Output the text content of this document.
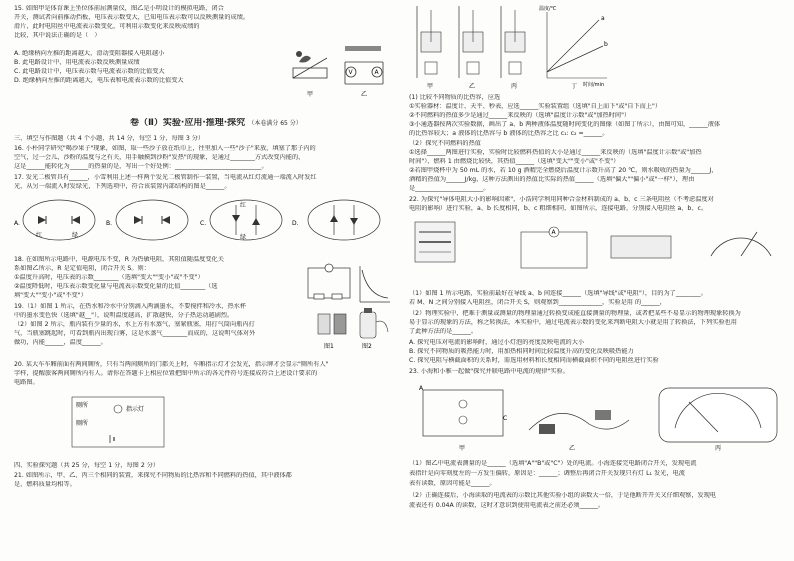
15. 如图甲是体育课上坐位体前屈测量仪，图乙是小明设计的模拟电路，闭合
开关，测试者向前推动挡板，电压表示数变大，已知电压表示数可以反映测量的成绩。
滑片，此时电阻丝中电流表示数变化，可利用示数变化来反映成绩的
比较，其中说法正确的是（　）
A. 绝缘柄向左推的距离越大，滑动变阻器接入电阻越小
B. 此电路设计中，用电流表示数反映测量成绩
C. 此电路设计中，电压表示数与电流表示数的比值变大
D. 绝缘柄向左推的距离越大，电压表和电流表示数的比值变大
V	A
甲	乙
卷（Ⅱ）实验·应用·推理·探究 （本卷满分 65 分）
三、填空与作图题（共 4 个小题，共 14 分，每空 1 分，每图 3 分）
16. 小朴同学研究"喝沙果子"现象，如图，取一些沙子放在纸巾上，往里加入一些"沙子"来放，填塞了那子内的
空气，过一会儿，沙粉的温度与之有关，用手触摸到沙粉"发热"的现象，是通过________方式改变内能的，
这是______能转化为______的热量的是，写出一个好处例：____________________________。
17. 发光二极管具有______，小雪利用上述一样两个发光二极管制作一装置，当电流从红灯流通一端流入时发红
光，从另一端流入时发绿光，下列选项中，符合该装置内部结构的图是______。
A.
红	绿
B.	C.
红
绿
D.
18. 在如图所示电路中，电源电压不变，R 为热敏电阻，其阻值随温度变化关
系如图乙所示，R 是定值电阻，闭合开关 S。则：
①温度升高时，电压表的示数________（选填"变大""变小"或"不变"）
②温度降低时，电压表示数变化量与电流表示数变化量的比值________（选
填"变大""变小"或"不变"）
19.（1）如图 1 所示，在热水和冷水中分别滴入两滴墨水，不要搅拌和冷水，热水杯
中的墨水变色快（选填"越__"），说明温度越高，扩散越快，分子热运动越剧烈。
（2）如图 2 所示，瓶内装有少量的水，水上方有水蒸气，塞紧瓶塞，用打气筒向瓶内打
气，当瓶塞跳起时，可看到瓶内出现白雾，这是水蒸气________而成的，这说明气体对外
做功，内能______，温度______。
图1	图2
20. 某大车车厢前面有两间厕所，只有当两间厕所的门都关上时，车厢指示灯才会发光，指示牌才会显示"厕所有人"
字样，提醒旅客两间厕所内有人。请你在答题卡上相应位置把图中所示的各元件符号连接成符合上述设计要求的
电路图。
厕所
指示灯
厕所
四、实验探究题（共 25 分，每空 1 分，每图 2 分）
21. 如图所示，甲、乙、丙三个相同的装置，来探究不同物质的比热容和不同燃料的热值，其中液体都
是、燃料质量均相等。
甲	乙	丙
a
b
温度/℃
时间/min
丁
(1) 比较不同物质的比热容，应选
①实验器材：温度计、天平、秒表，应选______实验装置组（选填"自上而下"或"自下而上"）
②不同燃料的热值多少是通过______来反映的（选填"温度计示数"或"加热时间"）
③小通透器按两次实验数据，画出了 a、b 两种液体温度随时间变化的图像（如图丁所示），由图可知，______液体
的比热容较大；a 液体的比热容与 b 液体的比热容之比 c₁: c₂ =______。
（2）探究不同燃料的热值
①选择______两图进行实验，实验时比较燃料热值的大小是通过______来反映的（选填"温度计示数"或"加热
时间"），燃料 1 由燃烧比较快，其热值______（选填"变大""变小"或"不变"）
②若图甲烧杯中为 50 mL 的水，若 10 g 酒精完全燃烧后温度计示数升高了 20 ℃，则水吸收的热量为______J，
酒精的热值为______J/kg，这种方法测出的热值比实际的热值______（选填"偏大""偏小"或"一样"），理由
是______________________。
22. 为探究"导体电阻大小的影响因素"，小浩同学利用同种合金材料制成的 a、b、c 三条电阻丝（不考虑温度对
电阻的影响）进行实验，a、b 长度相同，b、c 粗细相同，如图所示，连接电路，分别接入电阻丝 a、b、c。
A
（1）如图 1 所示电路，实验前最好在导线 a、b 间连接______（选填"导线"或"电阻"），目的为了________。
若 M、N 之间分别接入电阻丝，闭合开关 S，则观察到______________，实验是用 的______，
（2）物理实验中，把难于测量或测量的物理量通过转换变成能直接测量的物理量，或者把某些不易显示的物理现象转换为
易于显示的现象的方法，称之转换法，本实验中，通过电流表示数的变化来判断电阻大小就是用了转换法，下列实验也用
了此种方法的是______。
A. 探究电压对电流的影响时，通过小灯泡的亮度反映电流的大小
B. 探究不同物质的吸热能力时，用加热相同时间比较温度升高的变化反映吸热能力
C. 探究电阻与横截面积的关系时，需选用材料和长度相同而横截面积不同的电阻丝进行实验
23. 小海和小雅一起做"探究并联电路中电流的规律"实验。
A
C
甲	乙	丙
（1）图乙中电流表测量的是______（选填"A""B"或"C"）处的电流。小海连接完电路闭合开关，发现电流
表指针是向零刻度左的一方发生偏转，原因是：______；调整后再闭合开关发现只有灯 L₁ 发光，电流
表有读数，原因可能是______。
（2）正确连接后，小海读取的电流表的示数比其他实验小组的读数大一倍，于是他断开开关又仔细观察，发现电
流表还有 0.04A 的读数，这时才意识到使用电流表之前还必须______。
